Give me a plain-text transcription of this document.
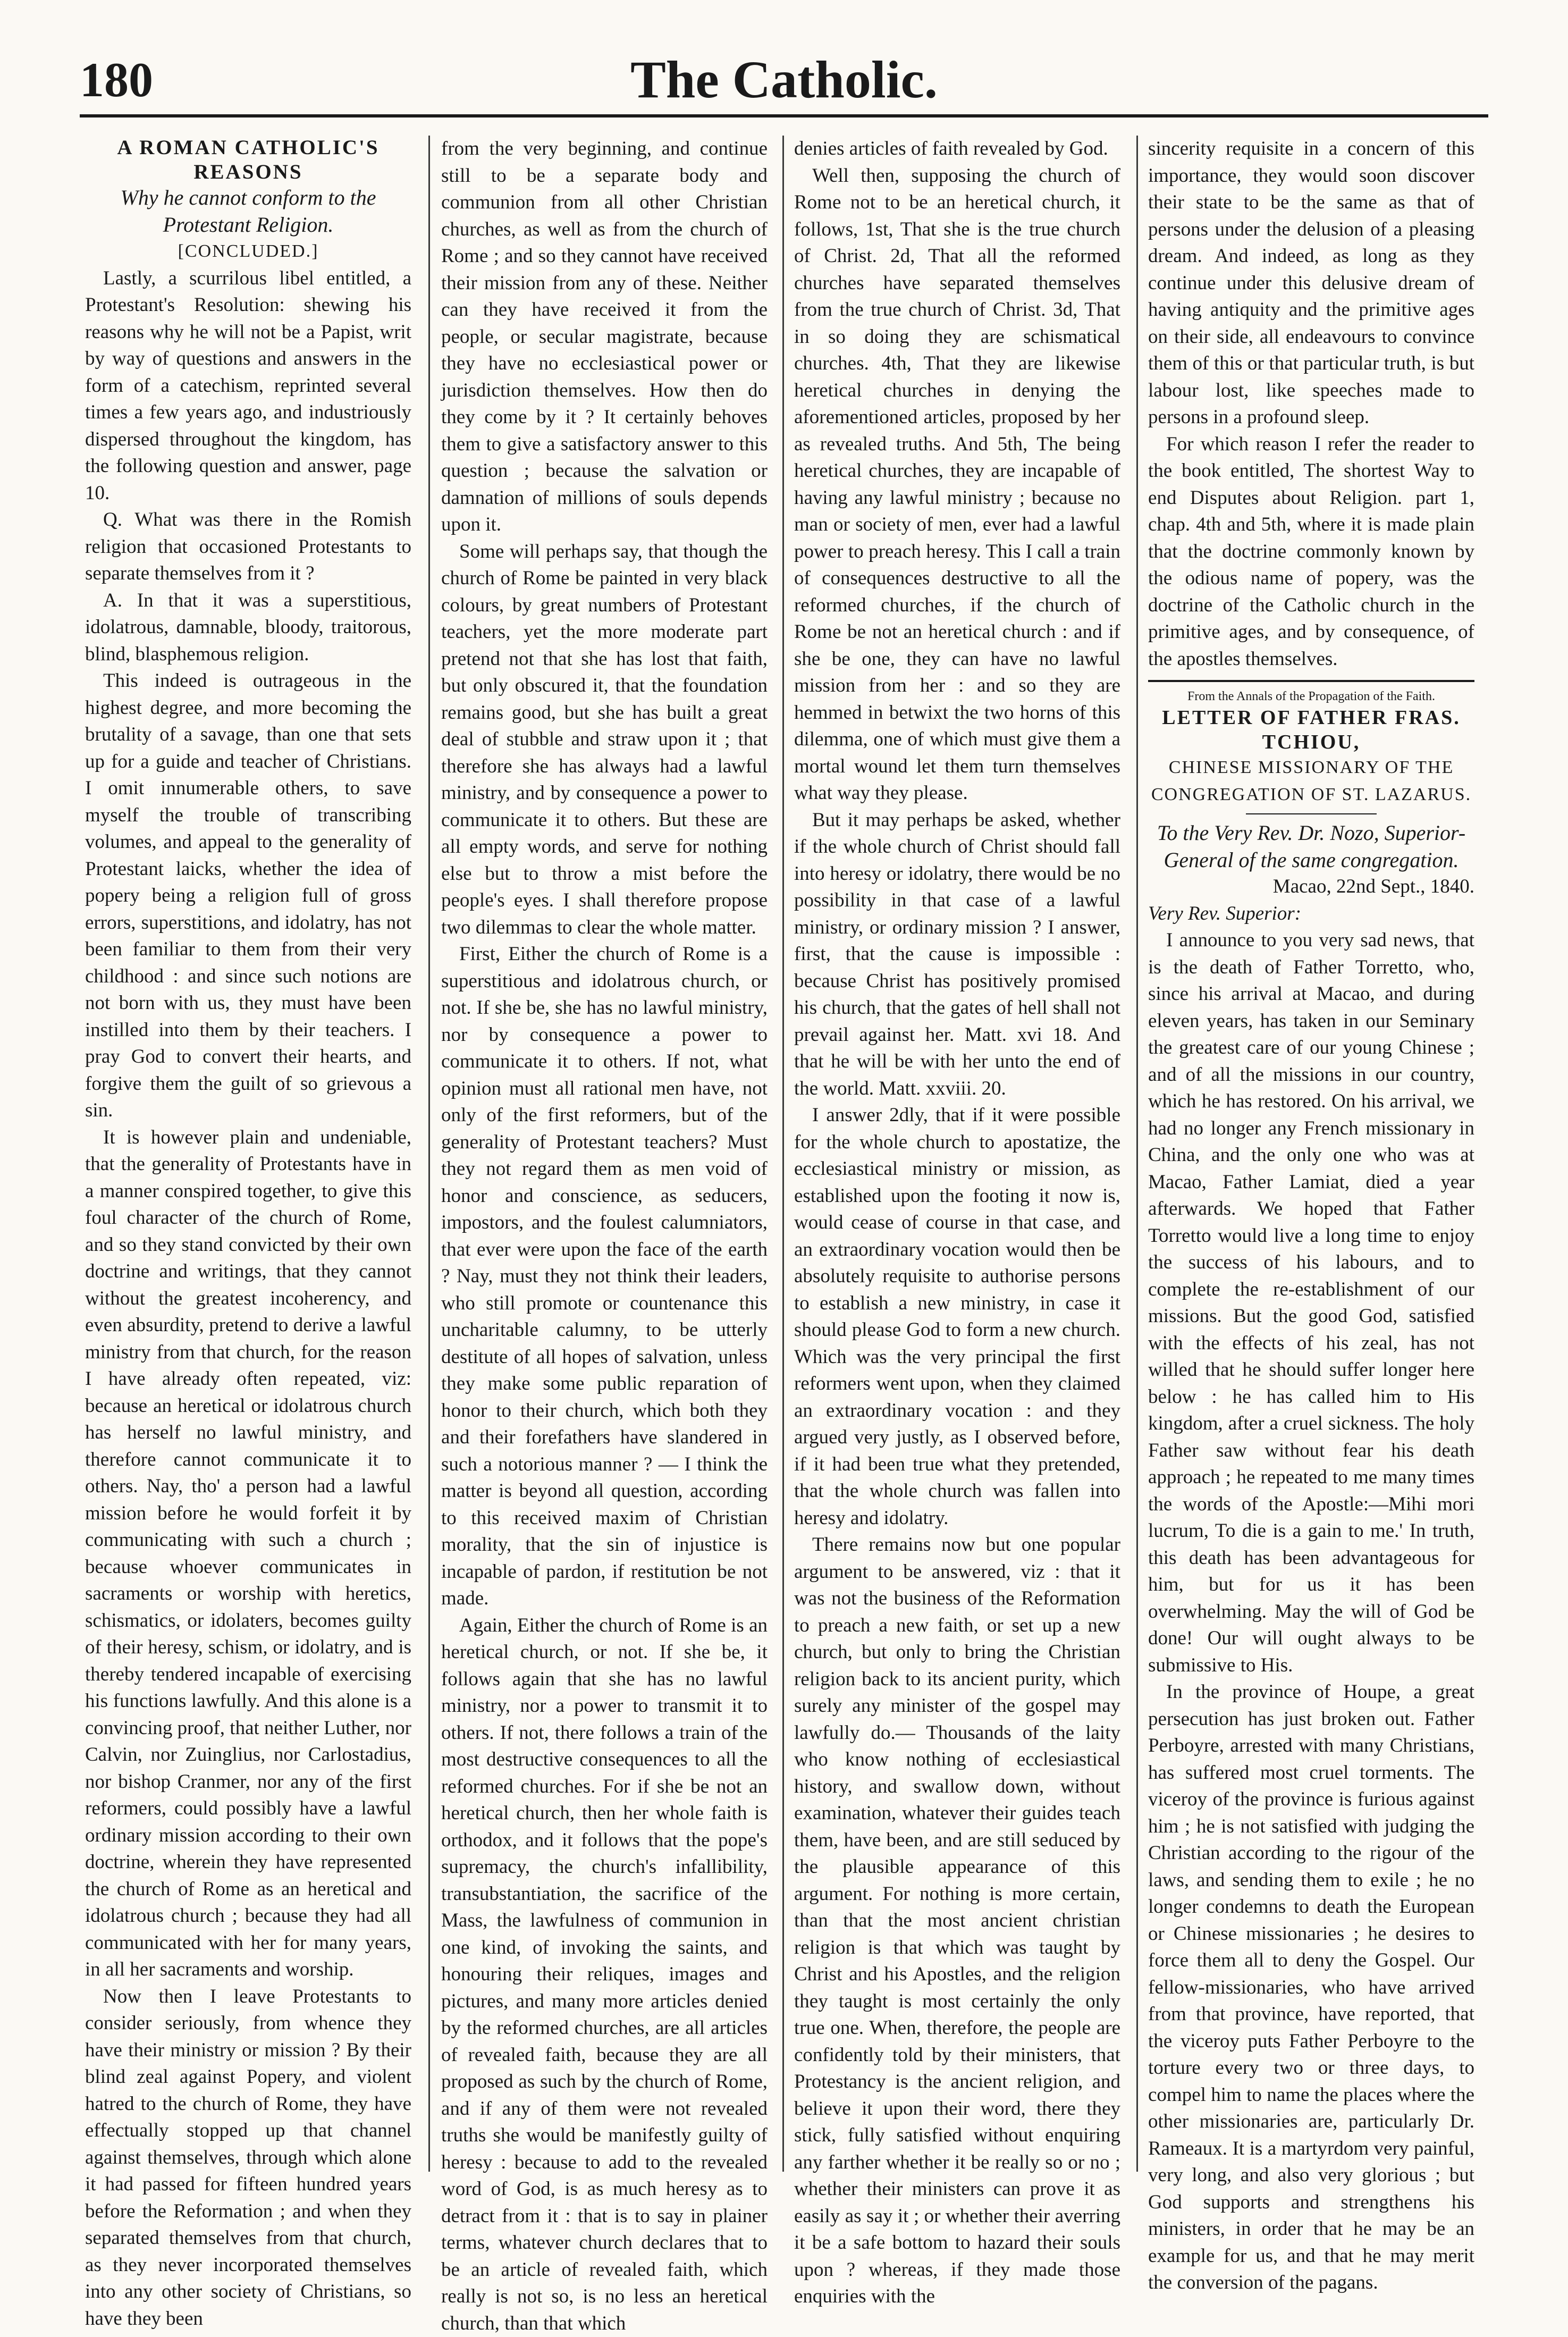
180	The Catholic.

A ROMAN CATHOLIC'S REASONS

Why he cannot conform to the Protestant Religion.

[CONCLUDED.]

Lastly, a scurrilous libel entitled, a Protestant's Resolution: shewing his reasons why he will not be a Papist, writ by way of questions and answers in the form of a catechism, reprinted several times a few years ago, and industriously dispersed throughout the kingdom, has the following question and answer, page 10.

Q. What was there in the Romish religion that occasioned Protestants to separate themselves from it ?

A. In that it was a superstitious, idolatrous, damnable, bloody, traitorous, blind, blasphemous religion.

This indeed is outrageous in the highest degree, and more becoming the brutality of a savage, than one that sets up for a guide and teacher of Christians. I omit innumerable others, to save myself the trouble of transcribing volumes, and appeal to the generality of Protestant laicks, whether the idea of popery being a religion full of gross errors, superstitions, and idolatry, has not been familiar to them from their very childhood : and since such notions are not born with us, they must have been instilled into them by their teachers. I pray God to convert their hearts, and forgive them the guilt of so grievous a sin.

It is however plain and undeniable, that the generality of Protestants have in a manner conspired together, to give this foul character of the church of Rome, and so they stand convicted by their own doctrine and writings, that they cannot without the greatest incoherency, and even absurdity, pretend to derive a lawful ministry from that church, for the reason I have already often repeated, viz: because an heretical or idolatrous church has herself no lawful ministry, and therefore cannot communicate it to others. Nay, tho' a person had a lawful mission before he would forfeit it by communicating with such a church ; because whoever communicates in sacraments or worship with heretics, schismatics, or idolaters, becomes guilty of their heresy, schism, or idolatry, and is thereby tendered incapable of exercising his functions lawfully. And this alone is a convincing proof, that neither Luther, nor Calvin, nor Zuinglius, nor Carlostadius, nor bishop Cranmer, nor any of the first reformers, could possibly have a lawful ordinary mission according to their own doctrine, wherein they have represented the church of Rome as an heretical and idolatrous church ; because they had all communicated with her for many years, in all her sacraments and worship.

Now then I leave Protestants to consider seriously, from whence they have their ministry or mission ? By their blind zeal against Popery, and violent hatred to the church of Rome, they have effectually stopped up that channel against themselves, through which alone it had passed for fifteen hundred years before the Reformation ; and when they separated themselves from that church, as they never incorporated themselves into any other society of Christians, so have they been

from the very beginning, and continue still to be a separate body and communion from all other Christian churches, as well as from the church of Rome ; and so they cannot have received their mission from any of these. Neither can they have received it from the people, or secular magistrate, because they have no ecclesiastical power or jurisdiction themselves. How then do they come by it ? It certainly behoves them to give a satisfactory answer to this question ; because the salvation or damnation of millions of souls depends upon it.

Some will perhaps say, that though the church of Rome be painted in very black colours, by great numbers of Protestant teachers, yet the more moderate part pretend not that she has lost that faith, but only obscured it, that the foundation remains good, but she has built a great deal of stubble and straw upon it ; that therefore she has always had a lawful ministry, and by consequence a power to communicate it to others. But these are all empty words, and serve for nothing else but to throw a mist before the people's eyes. I shall therefore propose two dilemmas to clear the whole matter.

First, Either the church of Rome is a superstitious and idolatrous church, or not. If she be, she has no lawful ministry, nor by consequence a power to communicate it to others. If not, what opinion must all rational men have, not only of the first reformers, but of the generality of Protestant teachers? Must they not regard them as men void of honor and conscience, as seducers, impostors, and the foulest calumniators, that ever were upon the face of the earth ? Nay, must they not think their leaders, who still promote or countenance this uncharitable calumny, to be utterly destitute of all hopes of salvation, unless they make some public reparation of honor to their church, which both they and their forefathers have slandered in such a notorious manner ? — I think the matter is beyond all question, according to this received maxim of Christian morality, that the sin of injustice is incapable of pardon, if restitution be not made.

Again, Either the church of Rome is an heretical church, or not. If she be, it follows again that she has no lawful ministry, nor a power to transmit it to others. If not, there follows a train of the most destructive consequences to all the reformed churches. For if she be not an heretical church, then her whole faith is orthodox, and it follows that the pope's supremacy, the church's infallibility, transubstantiation, the sacrifice of the Mass, the lawfulness of communion in one kind, of invoking the saints, and honouring their reliques, images and pictures, and many more articles denied by the reformed churches, are all articles of revealed faith, because they are all proposed as such by the church of Rome, and if any of them were not revealed truths she would be manifestly guilty of heresy : because to add to the revealed word of God, is as much heresy as to detract from it : that is to say in plainer terms, whatever church declares that to be an article of revealed faith, which really is not so, is no less an heretical church, than that which

denies articles of faith revealed by God.

Well then, supposing the church of Rome not to be an heretical church, it follows, 1st, That she is the true church of Christ. 2d, That all the reformed churches have separated themselves from the true church of Christ. 3d, That in so doing they are schismatical churches. 4th, That they are likewise heretical churches in denying the aforementioned articles, proposed by her as revealed truths. And 5th, The being heretical churches, they are incapable of having any lawful ministry ; because no man or society of men, ever had a lawful power to preach heresy. This I call a train of consequences destructive to all the reformed churches, if the church of Rome be not an heretical church : and if she be one, they can have no lawful mission from her : and so they are hemmed in betwixt the two horns of this dilemma, one of which must give them a mortal wound let them turn themselves what way they please.

But it may perhaps be asked, whether if the whole church of Christ should fall into heresy or idolatry, there would be no possibility in that case of a lawful ministry, or ordinary mission ? I answer, first, that the cause is impossible : because Christ has positively promised his church, that the gates of hell shall not prevail against her. Matt. xvi 18. And that he will be with her unto the end of the world. Matt. xxviii. 20.

I answer 2dly, that if it were possible for the whole church to apostatize, the ecclesiastical ministry or mission, as established upon the footing it now is, would cease of course in that case, and an extraordinary vocation would then be absolutely requisite to authorise persons to establish a new ministry, in case it should please God to form a new church. Which was the very principal the first reformers went upon, when they claimed an extraordinary vocation : and they argued very justly, as I observed before, if it had been true what they pretended, that the whole church was fallen into heresy and idolatry.

There remains now but one popular argument to be answered, viz : that it was not the business of the Reformation to preach a new faith, or set up a new church, but only to bring the Christian religion back to its ancient purity, which surely any minister of the gospel may lawfully do.— Thousands of the laity who know nothing of ecclesiastical history, and swallow down, without examination, whatever their guides teach them, have been, and are still seduced by the plausible appearance of this argument. For nothing is more certain, than that the most ancient christian religion is that which was taught by Christ and his Apostles, and the religion they taught is most certainly the only true one. When, therefore, the people are confidently told by their ministers, that Protestancy is the ancient religion, and believe it upon their word, there they stick, fully satisfied without enquiring any farther whether it be really so or no ; whether their ministers can prove it as easily as say it ; or whether their averring it be a safe bottom to hazard their souls upon ? whereas, if they made those enquiries with the

sincerity requisite in a concern of this importance, they would soon discover their state to be the same as that of persons under the delusion of a pleasing dream. And indeed, as long as they continue under this delusive dream of having antiquity and the primitive ages on their side, all endeavours to convince them of this or that particular truth, is but labour lost, like speeches made to persons in a profound sleep.

For which reason I refer the reader to the book entitled, The shortest Way to end Disputes about Religion. part 1, chap. 4th and 5th, where it is made plain that the doctrine commonly known by the odious name of popery, was the doctrine of the Catholic church in the primitive ages, and by consequence, of the apostles themselves.

From the Annals of the Propagation of the Faith.

LETTER OF FATHER FRAS. TCHIOU,

CHINESE MISSIONARY OF THE CONGREGATION OF ST. LAZARUS.

To the Very Rev. Dr. Nozo, Superior-General of the same congregation.

Macao, 22nd Sept., 1840.

Very Rev. Superior:

I announce to you very sad news, that is the death of Father Torretto, who, since his arrival at Macao, and during eleven years, has taken in our Seminary the greatest care of our young Chinese ; and of all the missions in our country, which he has restored. On his arrival, we had no longer any French missionary in China, and the only one who was at Macao, Father Lamiat, died a year afterwards. We hoped that Father Torretto would live a long time to enjoy the success of his labours, and to complete the re-establishment of our missions. But the good God, satisfied with the effects of his zeal, has not willed that he should suffer longer here below : he has called him to His kingdom, after a cruel sickness. The holy Father saw without fear his death approach ; he repeated to me many times the words of the Apostle:—Mihi mori lucrum, To die is a gain to me.' In truth, this death has been advantageous for him, but for us it has been overwhelming. May the will of God be done! Our will ought always to be submissive to His.

In the province of Houpe, a great persecution has just broken out. Father Perboyre, arrested with many Christians, has suffered most cruel torments. The viceroy of the province is furious against him ; he is not satisfied with judging the Christian according to the rigour of the laws, and sending them to exile ; he no longer condemns to death the European or Chinese missionaries ; he desires to force them all to deny the Gospel. Our fellow-missionaries, who have arrived from that province, have reported, that the viceroy puts Father Perboyre to the torture every two or three days, to compel him to name the places where the other missionaries are, particularly Dr. Rameaux. It is a martyrdom very painful, very long, and also very glorious ; but God supports and strengthens his ministers, in order that he may be an example for us, and that he may merit the conversion of the pagans.
